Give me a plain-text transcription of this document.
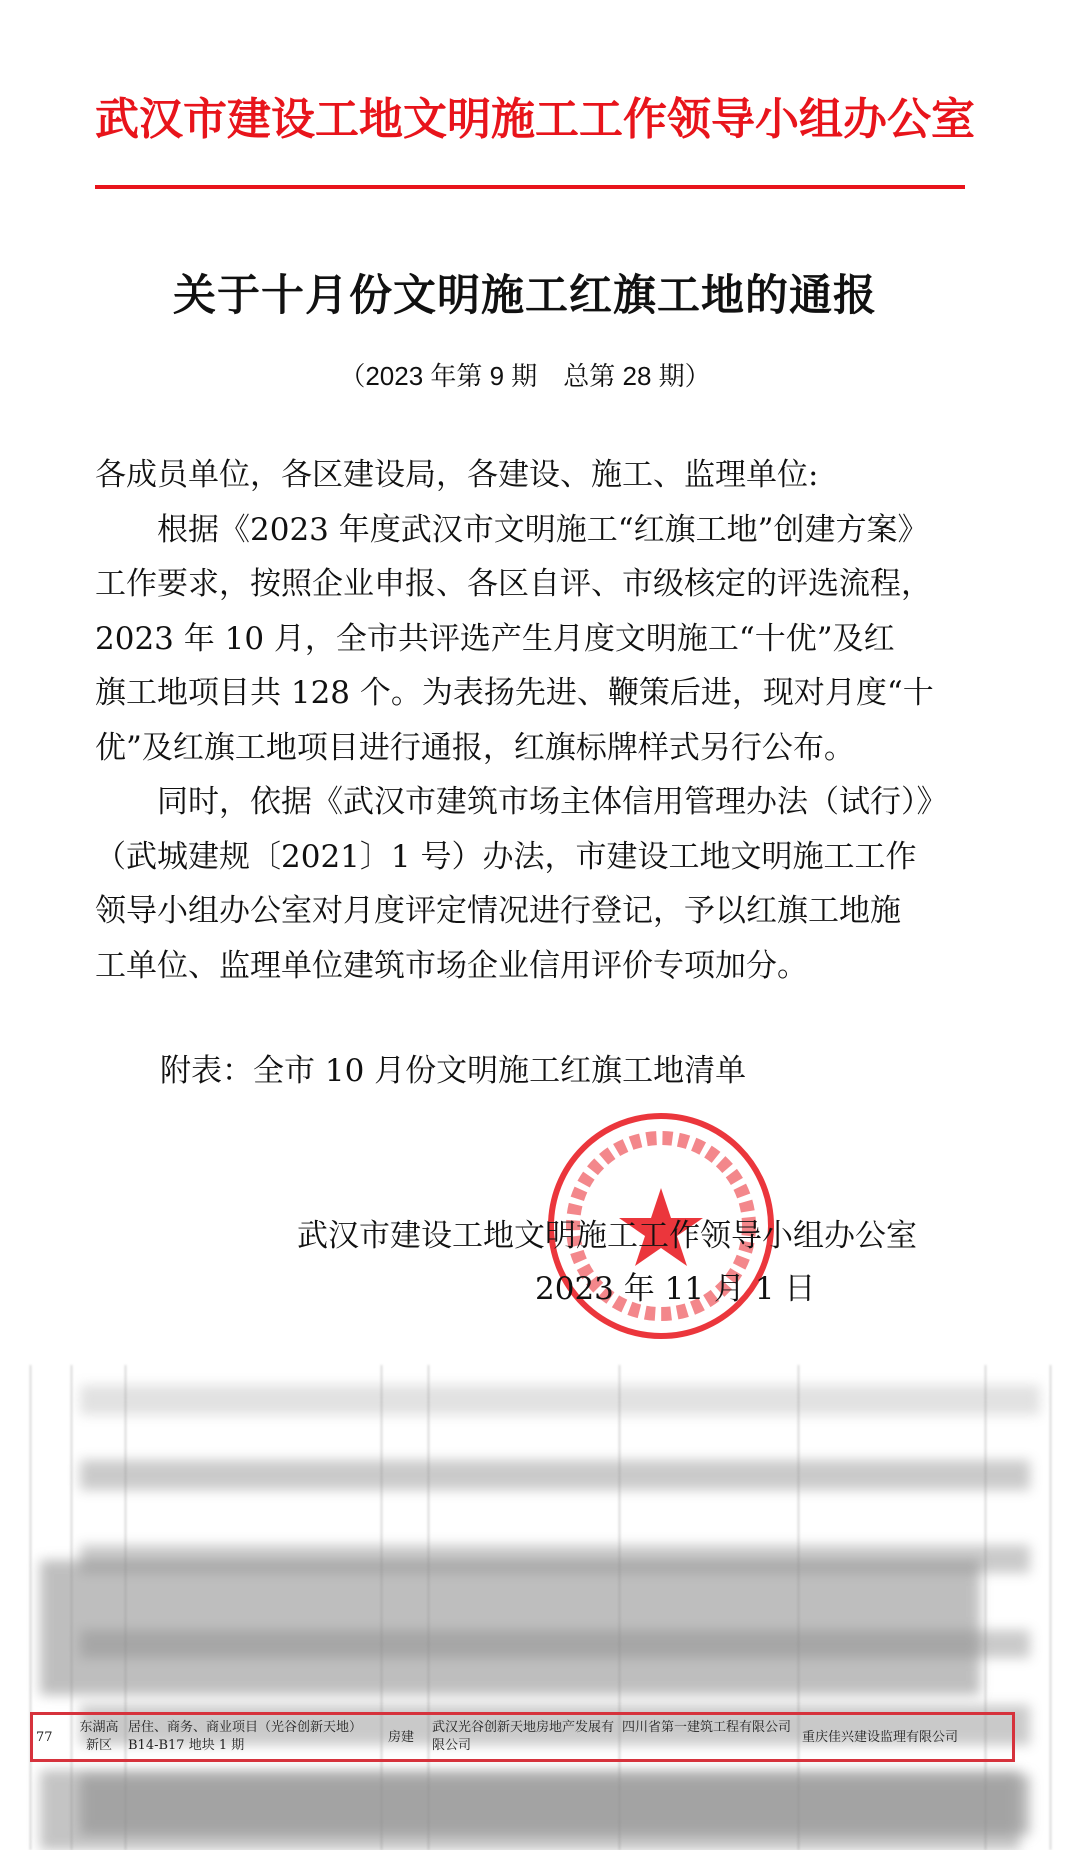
武汉市建设工地文明施工工作领导小组办公室
关于十月份文明施工红旗工地的通报
（2023 年第 9 期　总第 28 期）
各成员单位，各区建设局，各建设、施工、监理单位:
　　根据《2023 年度武汉市文明施工“红旗工地”创建方案》
工作要求，按照企业申报、各区自评、市级核定的评选流程，
2023 年 10 月，全市共评选产生月度文明施工“十优”及红
旗工地项目共 128 个。为表扬先进、鞭策后进，现对月度“十
优”及红旗工地项目进行通报，红旗标牌样式另行公布。
　　同时，依据《武汉市建筑市场主体信用管理办法（试行）》
（武城建规〔2021〕1 号）办法，市建设工地文明施工工作
领导小组办公室对月度评定情况进行登记，予以红旗工地施
工单位、监理单位建筑市场企业信用评价专项加分。
附表：全市 10 月份文明施工红旗工地清单
武汉市建设工地文明施工工作领导小组办公室
2023 年 11 月 1 日
77
东湖高新区
居住、商务、商业项目（光谷创新天地）B14-B17 地块 1 期
房建
武汉光谷创新天地房地产发展有限公司
四川省第一建筑工程有限公司
重庆佳兴建设监理有限公司
